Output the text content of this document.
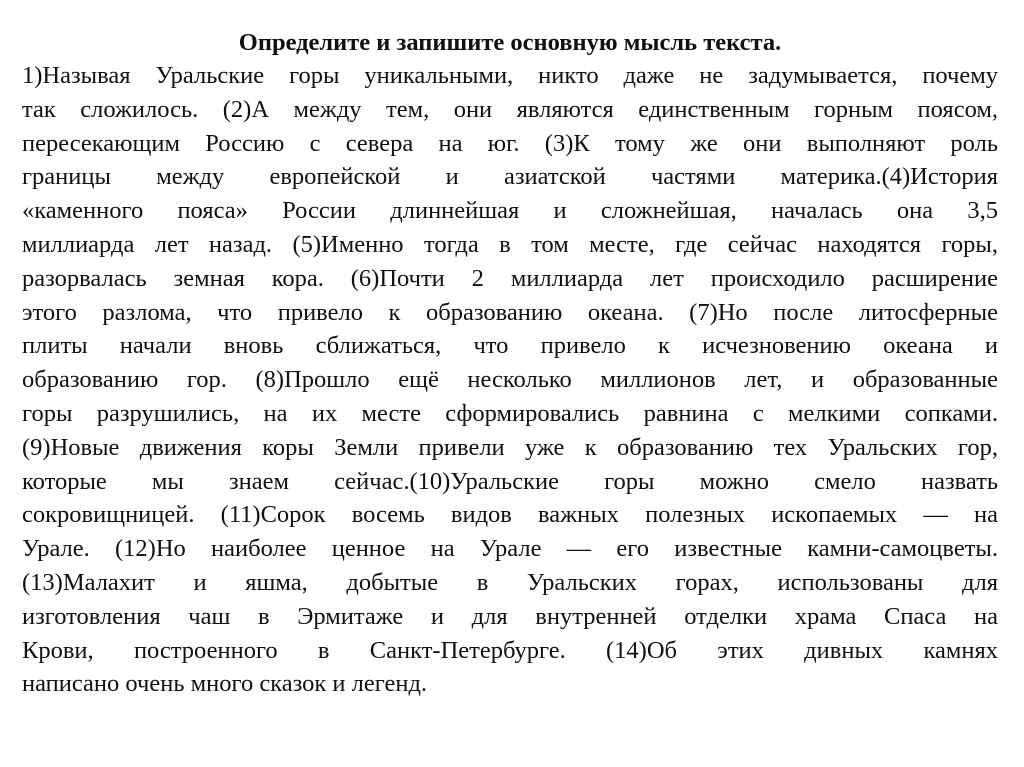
Определите и запишите основную мысль текста.
1)Называя Уральские горы уникальными, никто даже не задумывается, почему
так сложилось. (2)А между тем, они являются единственным горным поясом,
пересекающим Россию с севера на юг. (3)К тому же они выполняют роль
границы между европейской и азиатской частями материка.(4)История
«каменного пояса» России длиннейшая и сложнейшая, началась она 3,5
миллиарда лет назад. (5)Именно тогда в том месте, где сейчас находятся горы,
разорвалась земная кора. (6)Почти 2 миллиарда лет происходило расширение
этого разлома, что привело к образованию океана. (7)Но после литосферные
плиты начали вновь сближаться, что привело к исчезновению океана и
образованию гор. (8)Прошло ещё несколько миллионов лет, и образованные
горы разрушились, на их месте сформировались равнина с мелкими сопками.
(9)Новые движения коры Земли привели уже к образованию тех Уральских гор,
которые мы знаем сейчас.(10)Уральские горы можно смело назвать
сокровищницей. (11)Сорок восемь видов важных полезных ископаемых — на
Урале. (12)Но наиболее ценное на Урале — его известные камни-самоцветы.
(13)Малахит и яшма, добытые в Уральских горах, использованы для
изготовления чаш в Эрмитаже и для внутренней отделки храма Спаса на
Крови, построенного в Санкт-Петербурге. (14)Об этих дивных камнях
написано очень много сказок и легенд.
